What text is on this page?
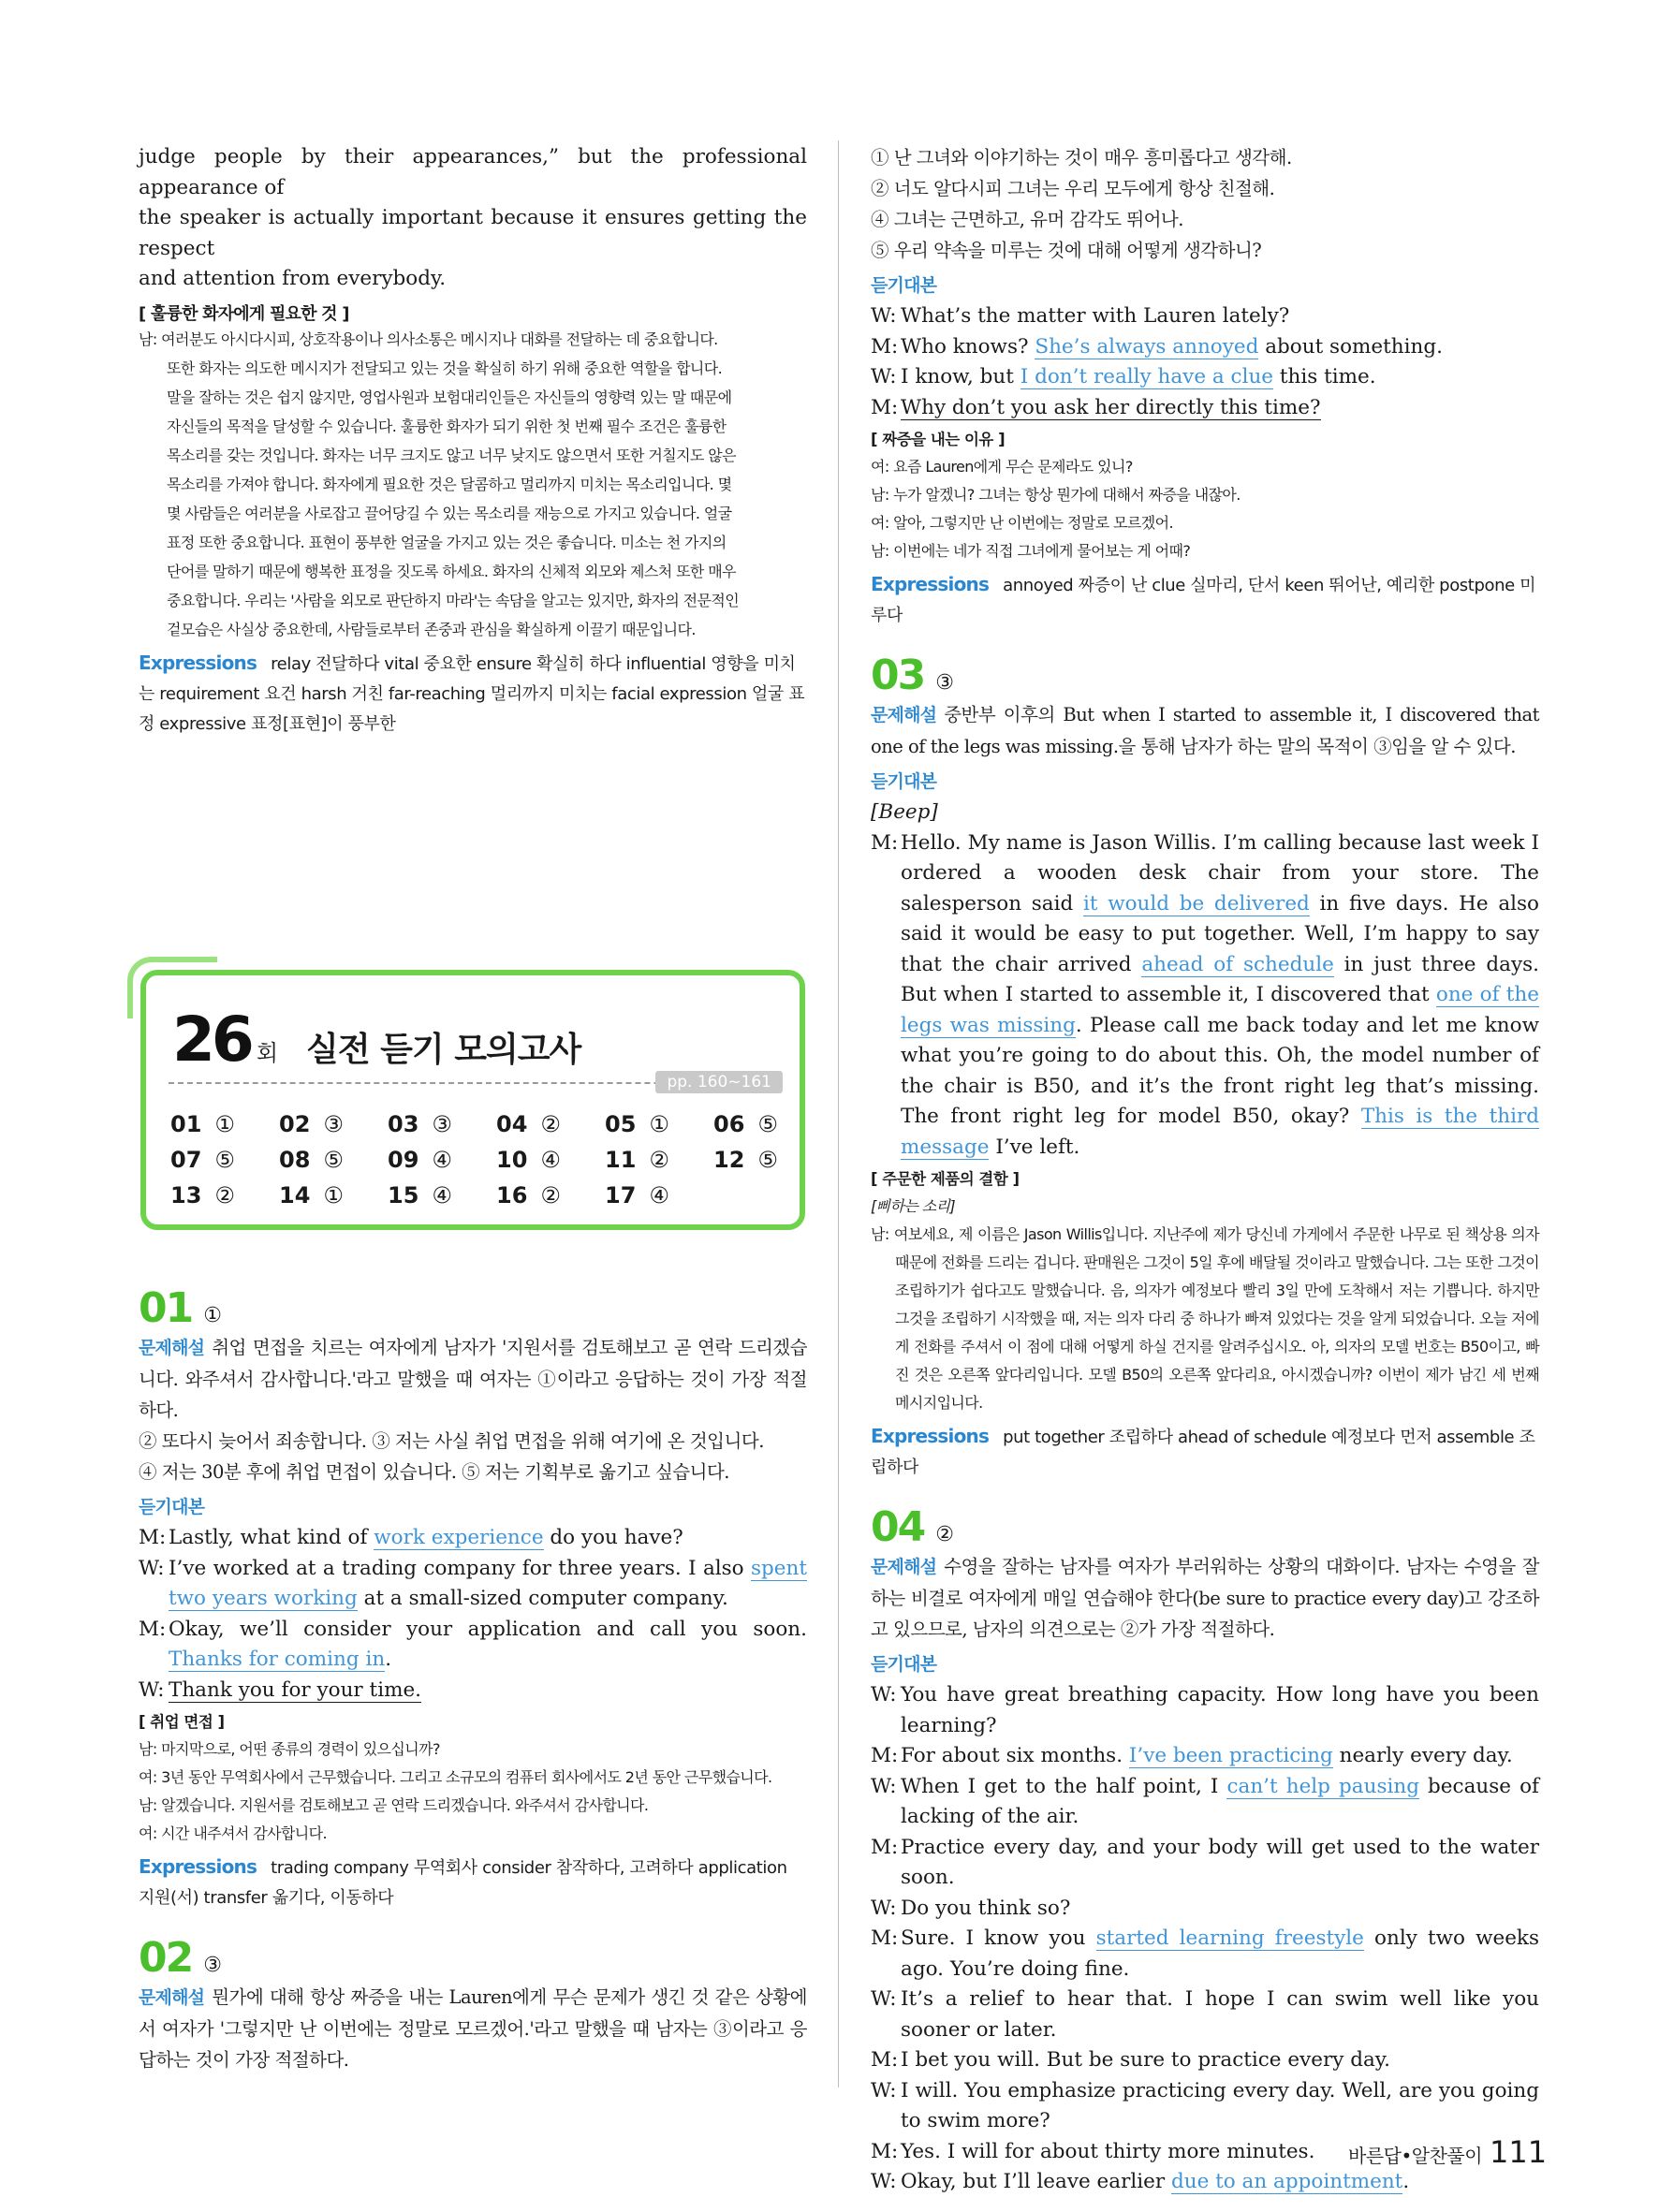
judge people by their appearances,” but the professional appearance of
the speaker is actually important because it ensures getting the respect
and attention from everybody.
[ 훌륭한 화자에게 필요한 것 ]
남: 여러분도 아시다시피, 상호작용이나 의사소통은 메시지나 대화를 전달하는 데 중요합니다.
또한 화자는 의도한 메시지가 전달되고 있는 것을 확실히 하기 위해 중요한 역할을 합니다.
말을 잘하는 것은 쉽지 않지만, 영업사원과 보험대리인들은 자신들의 영향력 있는 말 때문에
자신들의 목적을 달성할 수 있습니다. 훌륭한 화자가 되기 위한 첫 번째 필수 조건은 훌륭한
목소리를 갖는 것입니다. 화자는 너무 크지도 않고 너무 낮지도 않으면서 또한 거칠지도 않은
목소리를 가져야 합니다. 화자에게 필요한 것은 달콤하고 멀리까지 미치는 목소리입니다. 몇
몇 사람들은 여러분을 사로잡고 끌어당길 수 있는 목소리를 재능으로 가지고 있습니다. 얼굴
표정 또한 중요합니다. 표현이 풍부한 얼굴을 가지고 있는 것은 좋습니다. 미소는 천 가지의
단어를 말하기 때문에 행복한 표정을 짓도록 하세요. 화자의 신체적 외모와 제스처 또한 매우
중요합니다. 우리는 '사람을 외모로 판단하지 마라'는 속담을 알고는 있지만, 화자의 전문적인
겉모습은 사실상 중요한데, 사람들로부터 존중과 관심을 확실하게 이끌기 때문입니다.
Expressions relay 전달하다 vital 중요한 ensure 확실히 하다 influential 영향을 미치는 requirement 요건 harsh 거친 far-reaching 멀리까지 미치는 facial expression 얼굴 표정 expressive 표정[표현]이 풍부한
26 회 실전 듣기 모의고사
pp. 160~161
01 ①	02 ③	03 ③	04 ②	05 ①	06 ⑤
07 ⑤	08 ⑤	09 ④	10 ④	11 ②	12 ⑤
13 ②	14 ①	15 ④	16 ②	17 ④
01 ①
문제해설 취업 면접을 치르는 여자에게 남자가 '지원서를 검토해보고 곧 연락 드리겠습니다. 와주셔서 감사합니다.'라고 말했을 때 여자는 ①이라고 응답하는 것이 가장 적절하다.
② 또다시 늦어서 죄송합니다. ③ 저는 사실 취업 면접을 위해 여기에 온 것입니다.
④ 저는 30분 후에 취업 면접이 있습니다. ⑤ 저는 기획부로 옮기고 싶습니다.
듣기대본
M: Lastly, what kind of work experience do you have?
W: I’ve worked at a trading company for three years. I also spent two years working at a small-sized computer company.
M: Okay, we’ll consider your application and call you soon. Thanks for coming in.
W: Thank you for your time.
[ 취업 면접 ]
남: 마지막으로, 어떤 종류의 경력이 있으십니까?
여: 3년 동안 무역회사에서 근무했습니다. 그리고 소규모의 컴퓨터 회사에서도 2년 동안 근무했습니다.
남: 알겠습니다. 지원서를 검토해보고 곧 연락 드리겠습니다. 와주셔서 감사합니다.
여: 시간 내주셔서 감사합니다.
Expressions trading company 무역회사 consider 참작하다, 고려하다 application 지원(서) transfer 옮기다, 이동하다
02 ③
문제해설 뭔가에 대해 항상 짜증을 내는 Lauren에게 무슨 문제가 생긴 것 같은 상황에서 여자가 '그렇지만 난 이번에는 정말로 모르겠어.'라고 말했을 때 남자는 ③이라고 응답하는 것이 가장 적절하다.
① 난 그녀와 이야기하는 것이 매우 흥미롭다고 생각해.
② 너도 알다시피 그녀는 우리 모두에게 항상 친절해.
④ 그녀는 근면하고, 유머 감각도 뛰어나.
⑤ 우리 약속을 미루는 것에 대해 어떻게 생각하니?
듣기대본
W: What’s the matter with Lauren lately?
M: Who knows? She’s always annoyed about something.
W: I know, but I don’t really have a clue this time.
M: Why don’t you ask her directly this time?
[ 짜증을 내는 이유 ]
여: 요즘 Lauren에게 무슨 문제라도 있니?
남: 누가 알겠니? 그녀는 항상 뭔가에 대해서 짜증을 내잖아.
여: 알아, 그렇지만 난 이번에는 정말로 모르겠어.
남: 이번에는 네가 직접 그녀에게 물어보는 게 어때?
Expressions annoyed 짜증이 난 clue 실마리, 단서 keen 뛰어난, 예리한 postpone 미루다
03 ③
문제해설 중반부 이후의 But when I started to assemble it, I discovered that one of the legs was missing.을 통해 남자가 하는 말의 목적이 ③임을 알 수 있다.
듣기대본
[Beep]
M: Hello. My name is Jason Willis. I’m calling because last week I ordered a wooden desk chair from your store. The salesperson said it would be delivered in five days. He also said it would be easy to put together. Well, I’m happy to say that the chair arrived ahead of schedule in just three days. But when I started to assemble it, I discovered that one of the legs was missing. Please call me back today and let me know what you’re going to do about this. Oh, the model number of the chair is B50, and it’s the front right leg that’s missing. The front right leg for model B50, okay? This is the third message I’ve left.
[ 주문한 제품의 결함 ]
[삐하는 소리]
남: 여보세요, 제 이름은 Jason Willis입니다. 지난주에 제가 당신네 가게에서 주문한 나무로 된 책상용 의자 때문에 전화를 드리는 겁니다. 판매원은 그것이 5일 후에 배달될 것이라고 말했습니다. 그는 또한 그것이 조립하기가 쉽다고도 말했습니다. 음, 의자가 예정보다 빨리 3일 만에 도착해서 저는 기쁩니다. 하지만 그것을 조립하기 시작했을 때, 저는 의자 다리 중 하나가 빠져 있었다는 것을 알게 되었습니다. 오늘 저에게 전화를 주셔서 이 점에 대해 어떻게 하실 건지를 알려주십시오. 아, 의자의 모델 번호는 B50이고, 빠진 것은 오른쪽 앞다리입니다. 모델 B50의 오른쪽 앞다리요, 아시겠습니까? 이번이 제가 남긴 세 번째 메시지입니다.
Expressions put together 조립하다 ahead of schedule 예정보다 먼저 assemble 조립하다
04 ②
문제해설 수영을 잘하는 남자를 여자가 부러워하는 상황의 대화이다. 남자는 수영을 잘하는 비결로 여자에게 매일 연습해야 한다(be sure to practice every day)고 강조하고 있으므로, 남자의 의견으로는 ②가 가장 적절하다.
듣기대본
W: You have great breathing capacity. How long have you been learning?
M: For about six months. I’ve been practicing nearly every day.
W: When I get to the half point, I can’t help pausing because of lacking of the air.
M: Practice every day, and your body will get used to the water soon.
W: Do you think so?
M: Sure. I know you started learning freestyle only two weeks ago. You’re doing fine.
W: It’s a relief to hear that. I hope I can swim well like you sooner or later.
M: I bet you will. But be sure to practice every day.
W: I will. You emphasize practicing every day. Well, are you going to swim more?
M: Yes. I will for about thirty more minutes.
W: Okay, but I’ll leave earlier due to an appointment.
바른답•알찬풀이 111
